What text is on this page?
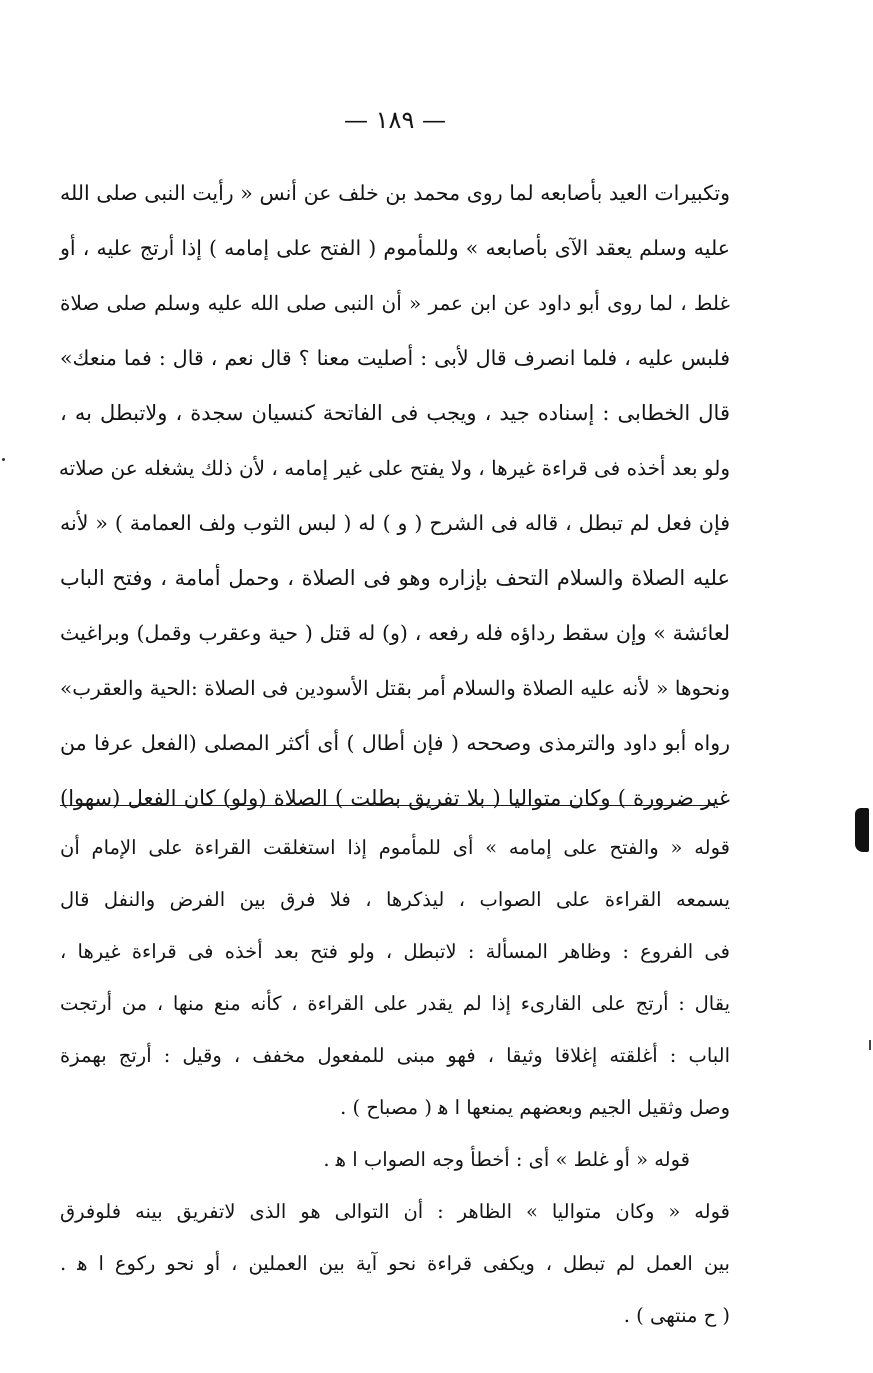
— ١٨٩ —
وتكبيرات العيد بأصابعه لما روى محمد بن خلف عن أنس « رأيت النبى صلى الله
عليه وسلم يعقد الآى بأصابعه » وللمأموم ( الفتح على إمامه ) إذا أرتج عليه ، أو
غلط ، لما روى أبو داود عن ابن عمر « أن النبى صلى الله عليه وسلم صلى صلاة
فلبس عليه ، فلما انصرف قال لأبى : أصليت معنا ؟ قال نعم ، قال : فما منعك»
قال الخطابى : إسناده جيد ، ويجب فى الفاتحة كنسيان سجدة ، ولاتبطل به ،
ولو بعد أخذه فى قراءة غيرها ، ولا يفتح على غير إمامه ، لأن ذلك يشغله عن صلاته
فإن فعل لم تبطل ، قاله فى الشرح ( و ) له ( لبس الثوب ولف العمامة ) « لأنه
عليه الصلاة والسلام التحف بإزاره وهو فى الصلاة ، وحمل أمامة ، وفتح الباب
لعائشة » وإن سقط رداؤه فله رفعه ، (و) له قتل ( حية وعقرب وقمل) وبراغيث
ونحوها « لأنه عليه الصلاة والسلام أمر بقتل الأسودين فى الصلاة :الحية والعقرب»
رواه أبو داود والترمذى وصححه ( فإن أطال ) أى أكثر المصلى (الفعل عرفا من
غير ضرورة ) وكان متواليا ( بلا تفريق بطلت ) الصلاة (ولو) كان الفعل (سهوا)
قوله « والفتح على إمامه » أى للمأموم إذا استغلقت القراءة على الإمام أن
يسمعه القراءة على الصواب ، ليذكرها ، فلا فرق بين الفرض والنفل قال
فى الفروع : وظاهر المسألة : لاتبطل ، ولو فتح بعد أخذه فى قراءة غيرها ،
يقال : أرتج على القارىء إذا لم يقدر على القراءة ، كأنه منع منها ، من أرتجت
الباب : أغلقته إغلاقا وثيقا ، فهو مبنى للمفعول مخفف ، وقيل : أرتج بهمزة
وصل وثقيل الجيم وبعضهم يمنعها ا ﻫ ( مصباح ) .
قوله « أو غلط » أى : أخطأ وجه الصواب ا ﻫ .
قوله « وكان متواليا » الظاهر : أن التوالى هو الذى لاتفريق بينه فلوفرق
بين العمل لم تبطل ، ويكفى قراءة نحو آية بين العملين ، أو نحو ركوع ا ﻫ .
( ح منتهى ) .
